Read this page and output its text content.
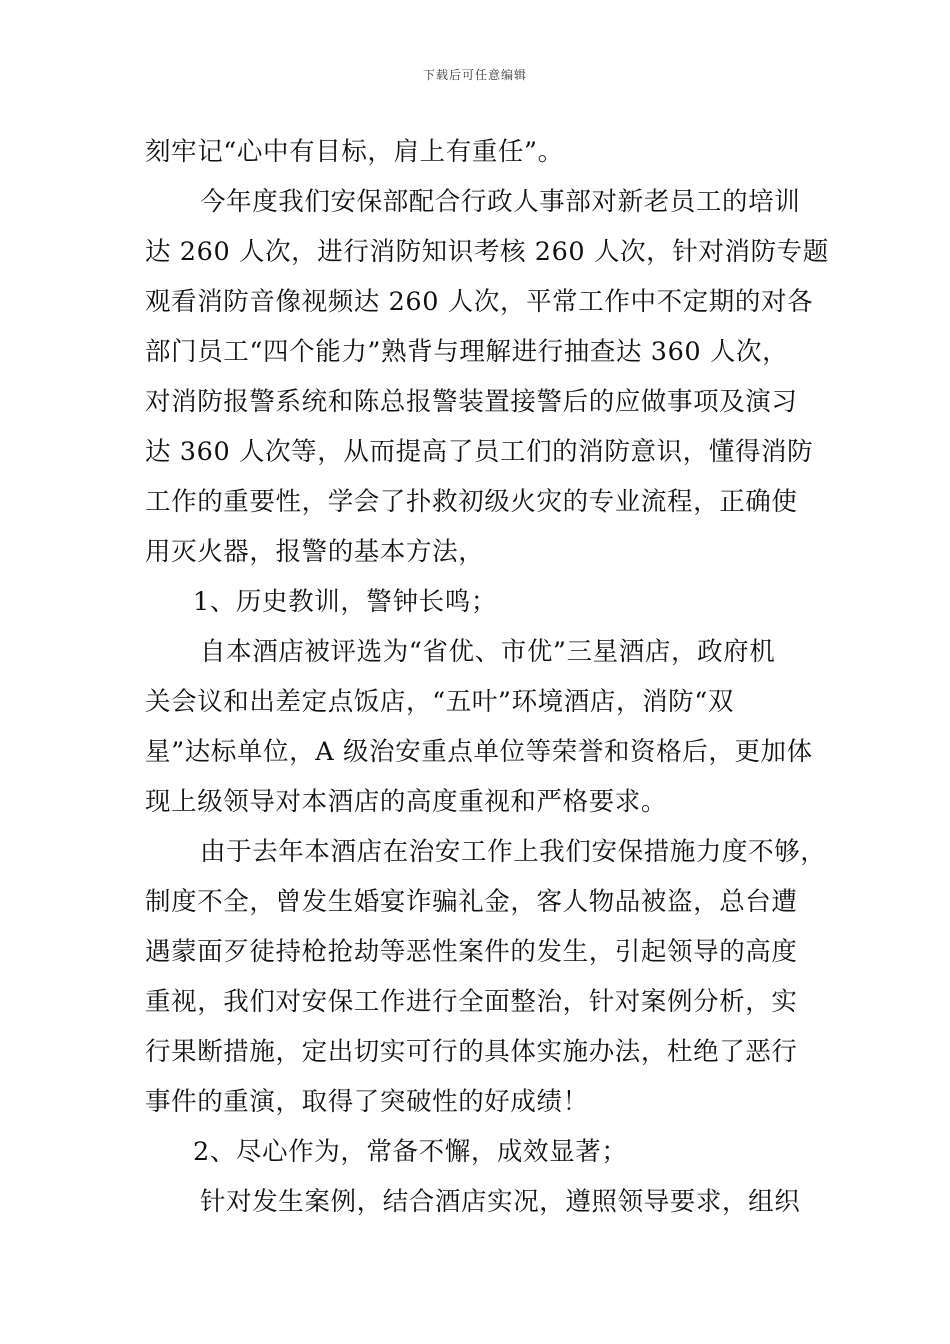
下载后可任意编辑
刻牢记“心中有目标，肩上有重任”。
今年度我们安保部配合行政人事部对新老员工的培训
达 260 人次，进行消防知识考核 260 人次，针对消防专题
观看消防音像视频达 260 人次，平常工作中不定期的对各
部门员工“四个能力”熟背与理解进行抽查达 360 人次，
对消防报警系统和陈总报警装置接警后的应做事项及演习
达 360 人次等，从而提高了员工们的消防意识，懂得消防
工作的重要性，学会了扑救初级火灾的专业流程，正确使
用灭火器，报警的基本方法，
1、历史教训，警钟长鸣；
自本酒店被评选为“省优、市优”三星酒店，政府机
关会议和出差定点饭店，“五叶”环境酒店，消防“双
星”达标单位，A 级治安重点单位等荣誉和资格后，更加体
现上级领导对本酒店的高度重视和严格要求。
由于去年本酒店在治安工作上我们安保措施力度不够，
制度不全，曾发生婚宴诈骗礼金，客人物品被盗，总台遭
遇蒙面歹徒持枪抢劫等恶性案件的发生，引起领导的高度
重视，我们对安保工作进行全面整治，针对案例分析，实
行果断措施，定出切实可行的具体实施办法，杜绝了恶行
事件的重演，取得了突破性的好成绩！
2、尽心作为，常备不懈，成效显著；
针对发生案例，结合酒店实况，遵照领导要求，组织
